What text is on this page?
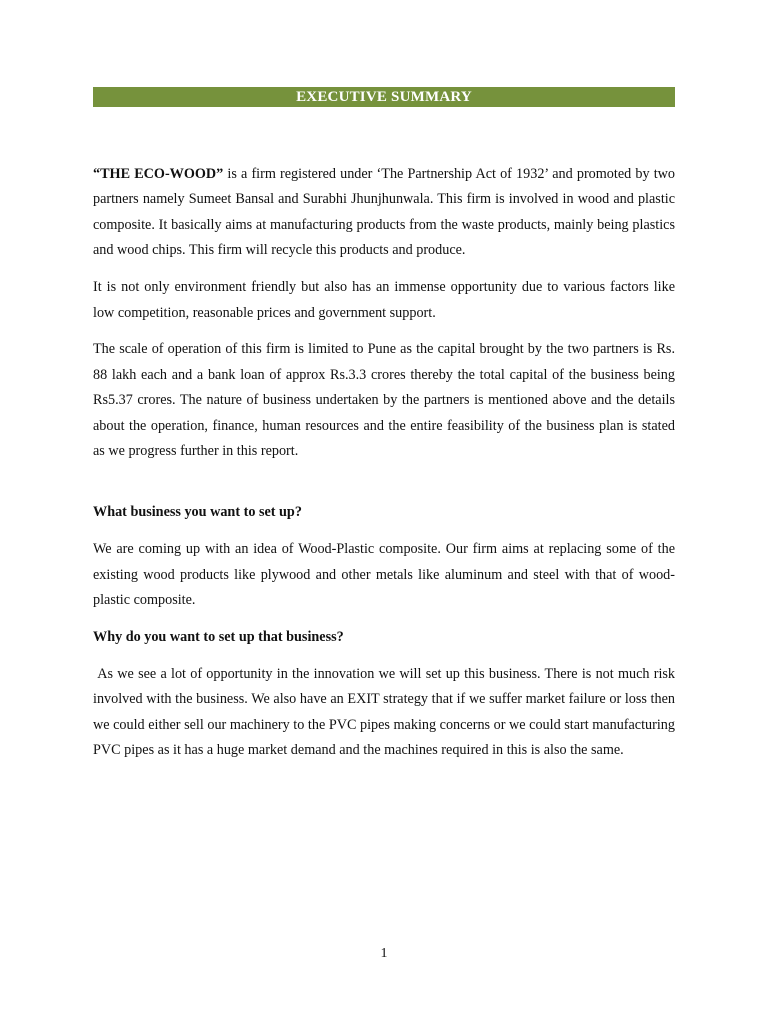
EXECUTIVE SUMMARY

“THE ECO-WOOD” is a firm registered under ‘The Partnership Act of 1932’ and promoted by two partners namely Sumeet Bansal and Surabhi Jhunjhunwala. This firm is involved in wood and plastic composite. It basically aims at manufacturing products from the waste products, mainly being plastics and wood chips. This firm will recycle this products and produce.

It is not only environment friendly but also has an immense opportunity due to various factors like low competition, reasonable prices and government support.

The scale of operation of this firm is limited to Pune as the capital brought by the two partners is Rs. 88 lakh each and a bank loan of approx Rs.3.3 crores thereby the total capital of the business being Rs5.37 crores. The nature of business undertaken by the partners is mentioned above and the details about the operation, finance, human resources and the entire feasibility of the business plan is stated as we progress further in this report.

What business you want to set up?

We are coming up with an idea of Wood-Plastic composite. Our firm aims at replacing some of the existing wood products like plywood and other metals like aluminum and steel with that of wood-plastic composite.

Why do you want to set up that business?

As we see a lot of opportunity in the innovation we will set up this business. There is not much risk involved with the business. We also have an EXIT strategy that if we suffer market failure or loss then we could either sell our machinery to the PVC pipes making concerns or we could start manufacturing PVC pipes as it has a huge market demand and the machines required in this is also the same.

1
